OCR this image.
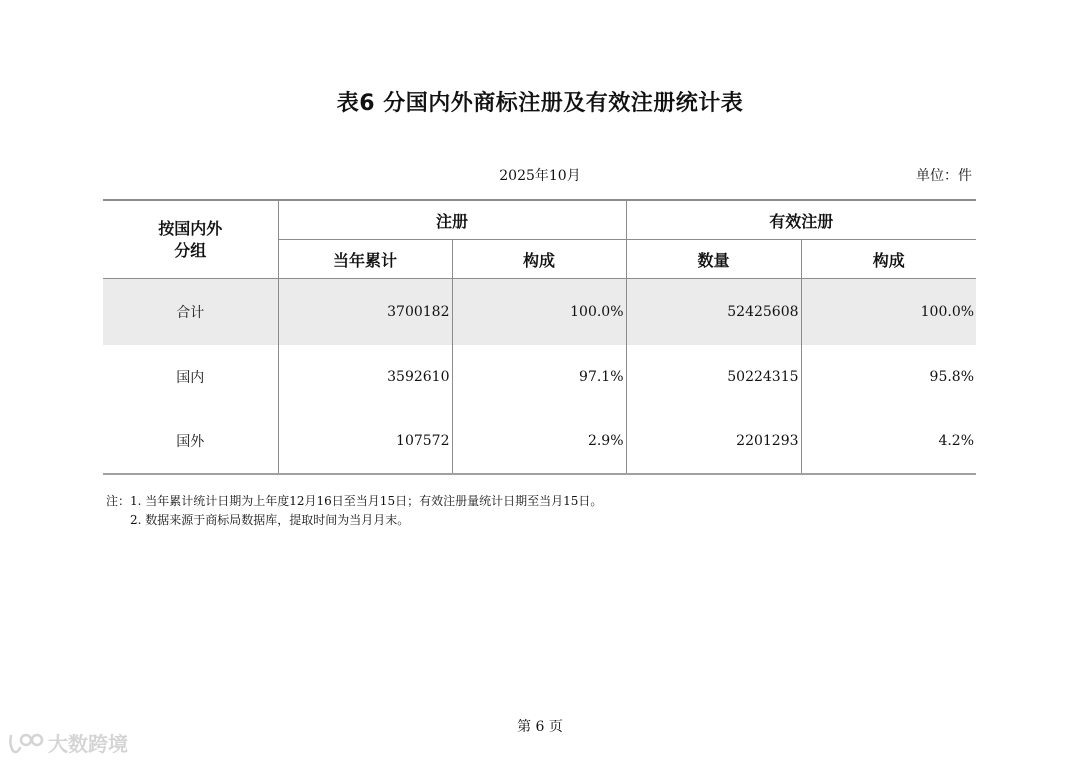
表6 分国内外商标注册及有效注册统计表
2025年10月	单位：件
按国内外
分组	注册		有效注册	
	当年累计	构成	数量	构成
合计	3700182	100.0%	52425608	100.0%
国内	3592610	97.1%	50224315	95.8%
国外	107572	2.9%	2201293	4.2%
注：1. 当年累计统计日期为上年度12月16日至当月15日；有效注册量统计日期至当月15日。
2. 数据来源于商标局数据库，提取时间为当月月末。
第 6 页
大数跨境
